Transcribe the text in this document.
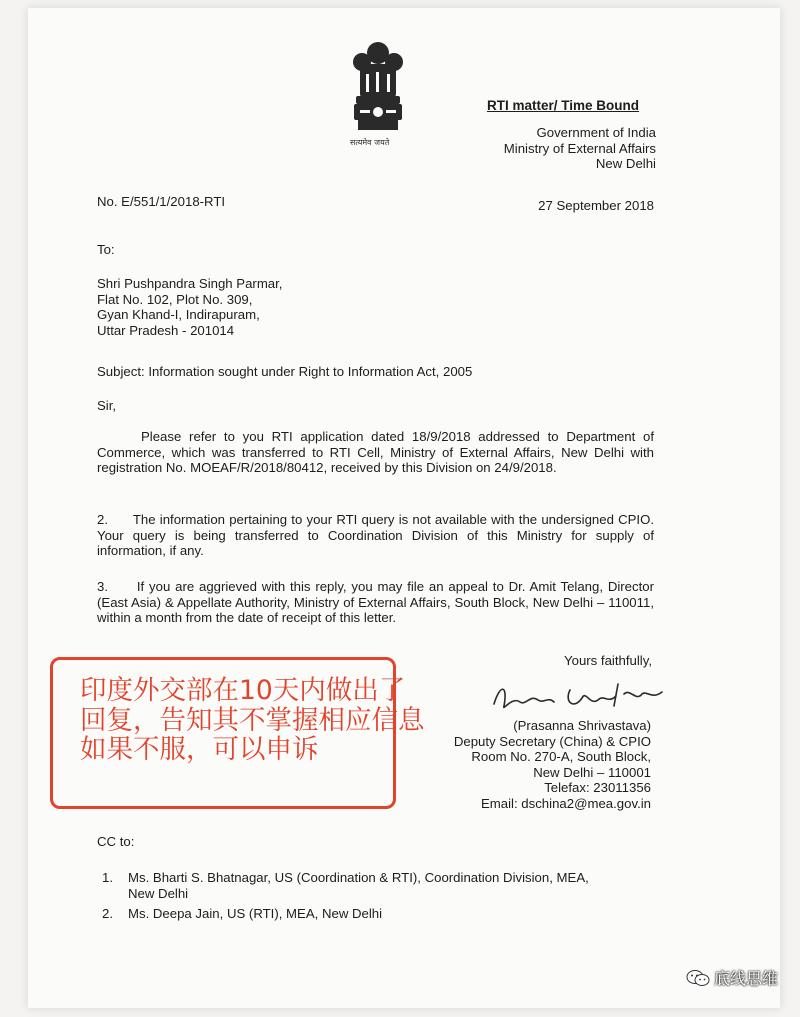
सत्यमेव जयते
RTI matter/ Time Bound
Government of India
Ministry of External Affairs
New Delhi
No. E/551/1/2018-RTI	27 September 2018
To:
Shri Pushpandra Singh Parmar,
Flat No. 102, Plot No. 309,
Gyan Khand-I, Indirapuram,
Uttar Pradesh - 201014
Subject: Information sought under Right to Information Act, 2005
Sir,
Please refer to you RTI application dated 18/9/2018 addressed to Department of Commerce, which was transferred to RTI Cell, Ministry of External Affairs, New Delhi with registration No. MOEAF/R/2018/80412, received by this Division on 24/9/2018.
2.      The information pertaining to your RTI query is not available with the undersigned CPIO. Your query is being transferred to Coordination Division of this Ministry for supply of information, if any.
3.      If you are aggrieved with this reply, you may file an appeal to Dr. Amit Telang, Director (East Asia) & Appellate Authority, Ministry of External Affairs, South Block, New Delhi – 110011, within a month from the date of receipt of this letter.
Yours faithfully,
(Prasanna Shrivastava)
Deputy Secretary (China) & CPIO
Room No. 270-A, South Block,
New Delhi – 110001
Telefax: 23011356
Email: dschina2@mea.gov.in
CC to:
1.	Ms. Bharti S. Bhatnagar, US (Coordination & RTI), Coordination Division, MEA,
New Delhi
2.	Ms. Deepa Jain, US (RTI), MEA, New Delhi
印度外交部在10天内做出了
回复，告知其不掌握相应信息
如果不服，可以申诉
底线思维
